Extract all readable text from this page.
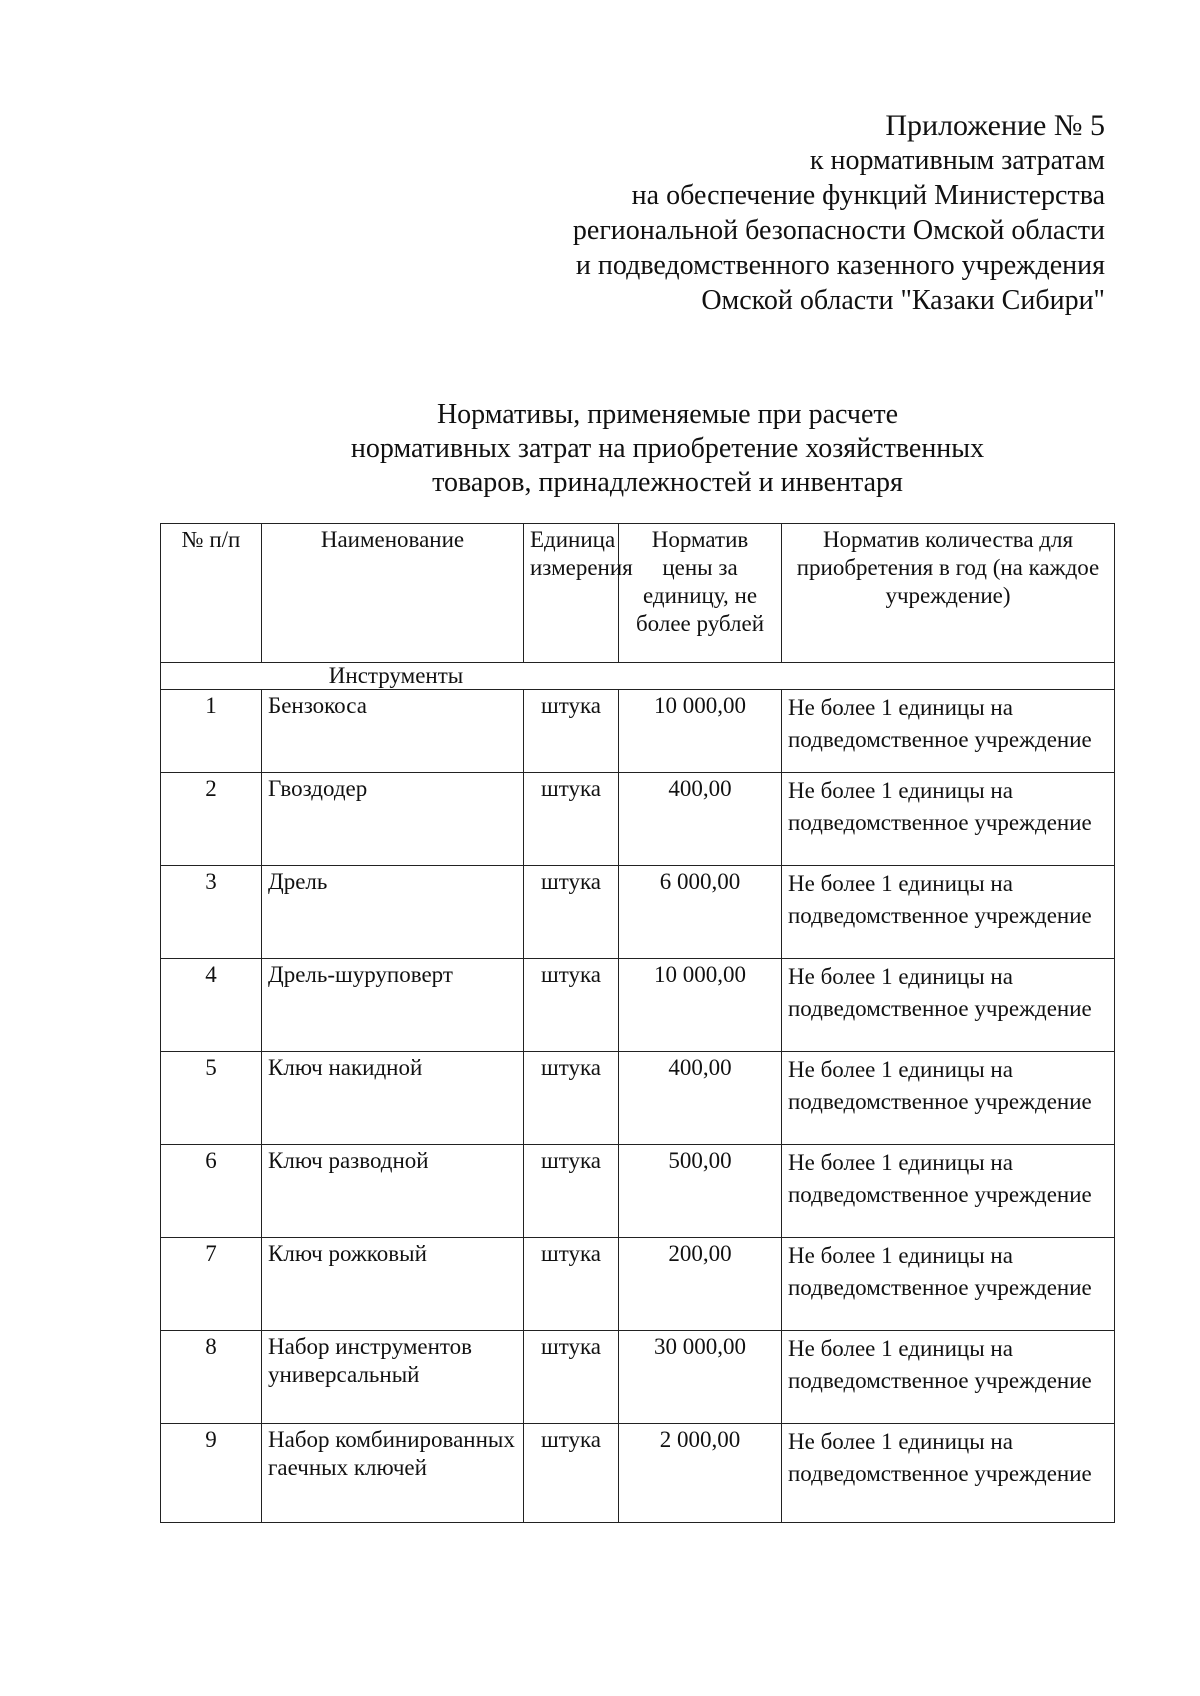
Приложение № 5
к нормативным затратам
на обеспечение функций Министерства
региональной безопасности Омской области
и подведомственного казенного учреждения
Омской области "Казаки Сибири"
Нормативы, применяемые при расчете
нормативных затрат на приобретение хозяйственных
товаров, принадлежностей и инвентаря
№ п/п	Наименование	Единица измерения	Норматив цены за единицу, не более рублей	Норматив количества для приобретения в год (на каждое учреждение)

Инструменты				

1	Бензокоса	штука	10 000,00	Не более 1 единицы на подведомственное учреждение
2	Гвоздодер	штука	400,00	Не более 1 единицы на подведомственное учреждение
3	Дрель	штука	6 000,00	Не более 1 единицы на подведомственное учреждение
4	Дрель-шуруповерт	штука	10 000,00	Не более 1 единицы на подведомственное учреждение
5	Ключ накидной	штука	400,00	Не более 1 единицы на подведомственное учреждение
6	Ключ разводной	штука	500,00	Не более 1 единицы на подведомственное учреждение
7	Ключ рожковый	штука	200,00	Не более 1 единицы на подведомственное учреждение
8	Набор инструментов универсальный	штука	30 000,00	Не более 1 единицы на подведомственное учреждение
9	Набор комбинированных гаечных ключей	штука	2 000,00	Не более 1 единицы на подведомственное учреждение
